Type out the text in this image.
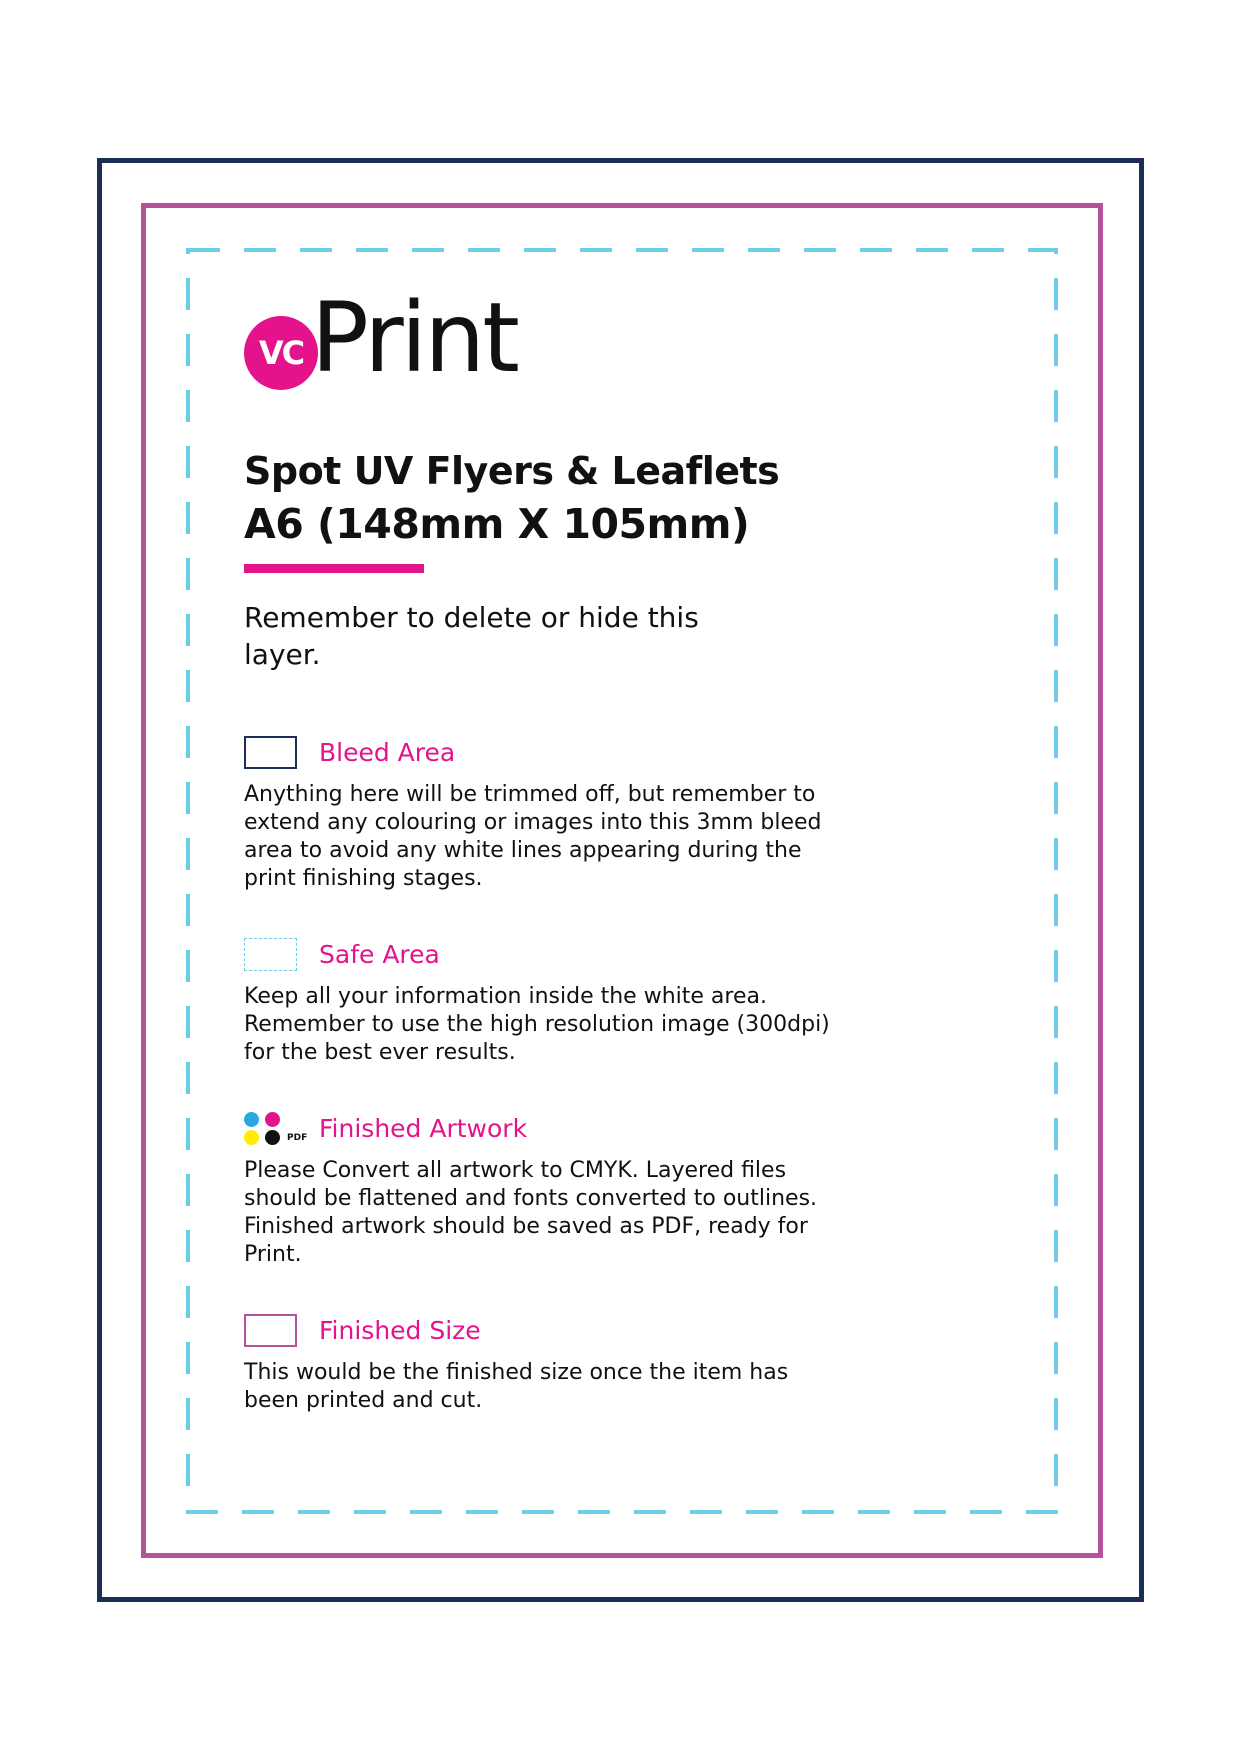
VC Print
Spot UV Flyers & Leaflets
A6 (148mm X 105mm)
Remember to delete or hide this layer.
Bleed Area
Anything here will be trimmed off, but remember to extend any colouring or images into this 3mm bleed area to avoid any white lines appearing during the print finishing stages.
Safe Area
Keep all your information inside the white area. Remember to use the high resolution image (300dpi) for the best ever results.
PDF Finished Artwork
Please Convert all artwork to CMYK. Layered files should be flattened and fonts converted to outlines. Finished artwork should be saved as PDF, ready for Print.
Finished Size
This would be the finished size once the item has been printed and cut.
